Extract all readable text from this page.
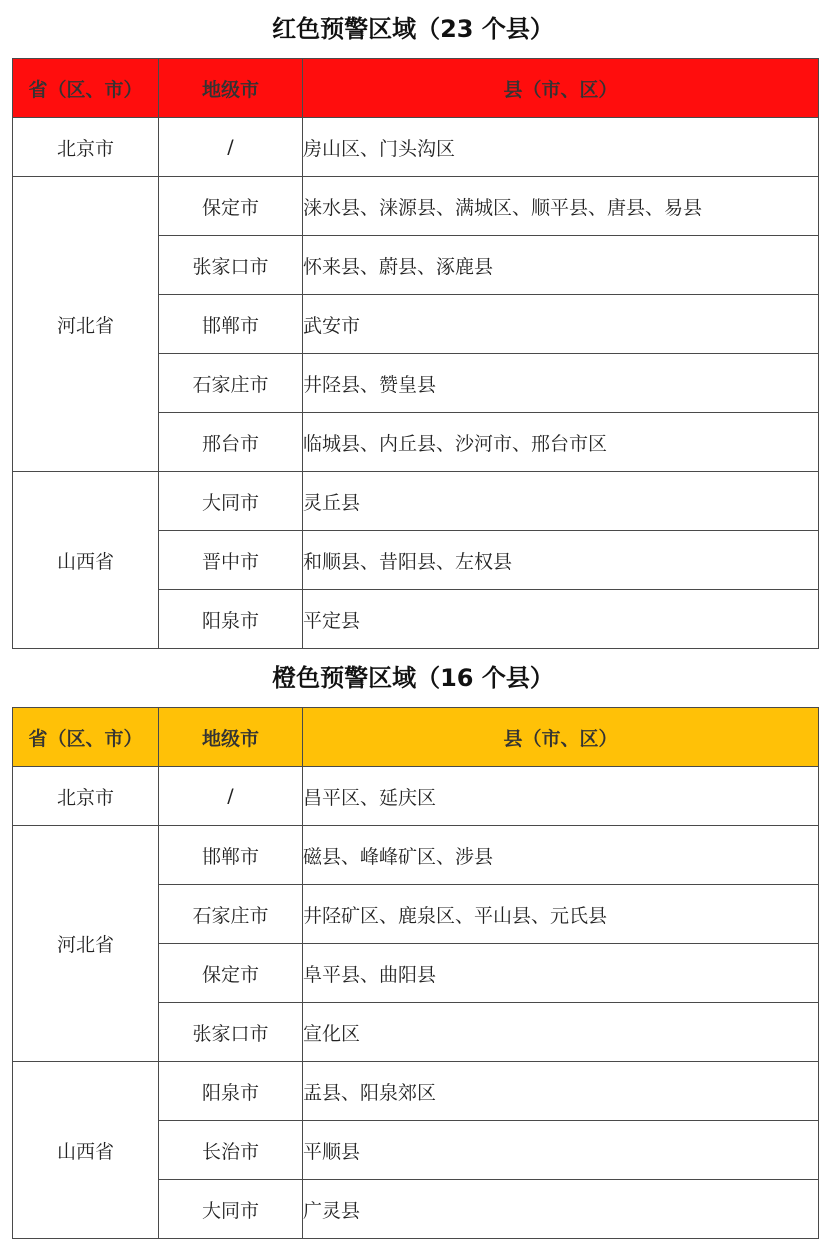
红色预警区域（23 个县）
省（区、市）	地级市	县（市、区）
北京市	/	房山区、门头沟区
河北省	保定市	涞水县、涞源县、满城区、顺平县、唐县、易县
	张家口市	怀来县、蔚县、涿鹿县
	邯郸市	武安市
	石家庄市	井陉县、赞皇县
	邢台市	临城县、内丘县、沙河市、邢台市区
山西省	大同市	灵丘县
	晋中市	和顺县、昔阳县、左权县
	阳泉市	平定县
橙色预警区域（16 个县）
省（区、市）	地级市	县（市、区）
北京市	/	昌平区、延庆区
河北省	邯郸市	磁县、峰峰矿区、涉县
	石家庄市	井陉矿区、鹿泉区、平山县、元氏县
	保定市	阜平县、曲阳县
	张家口市	宣化区
山西省	阳泉市	盂县、阳泉郊区
	长治市	平顺县
	大同市	广灵县
